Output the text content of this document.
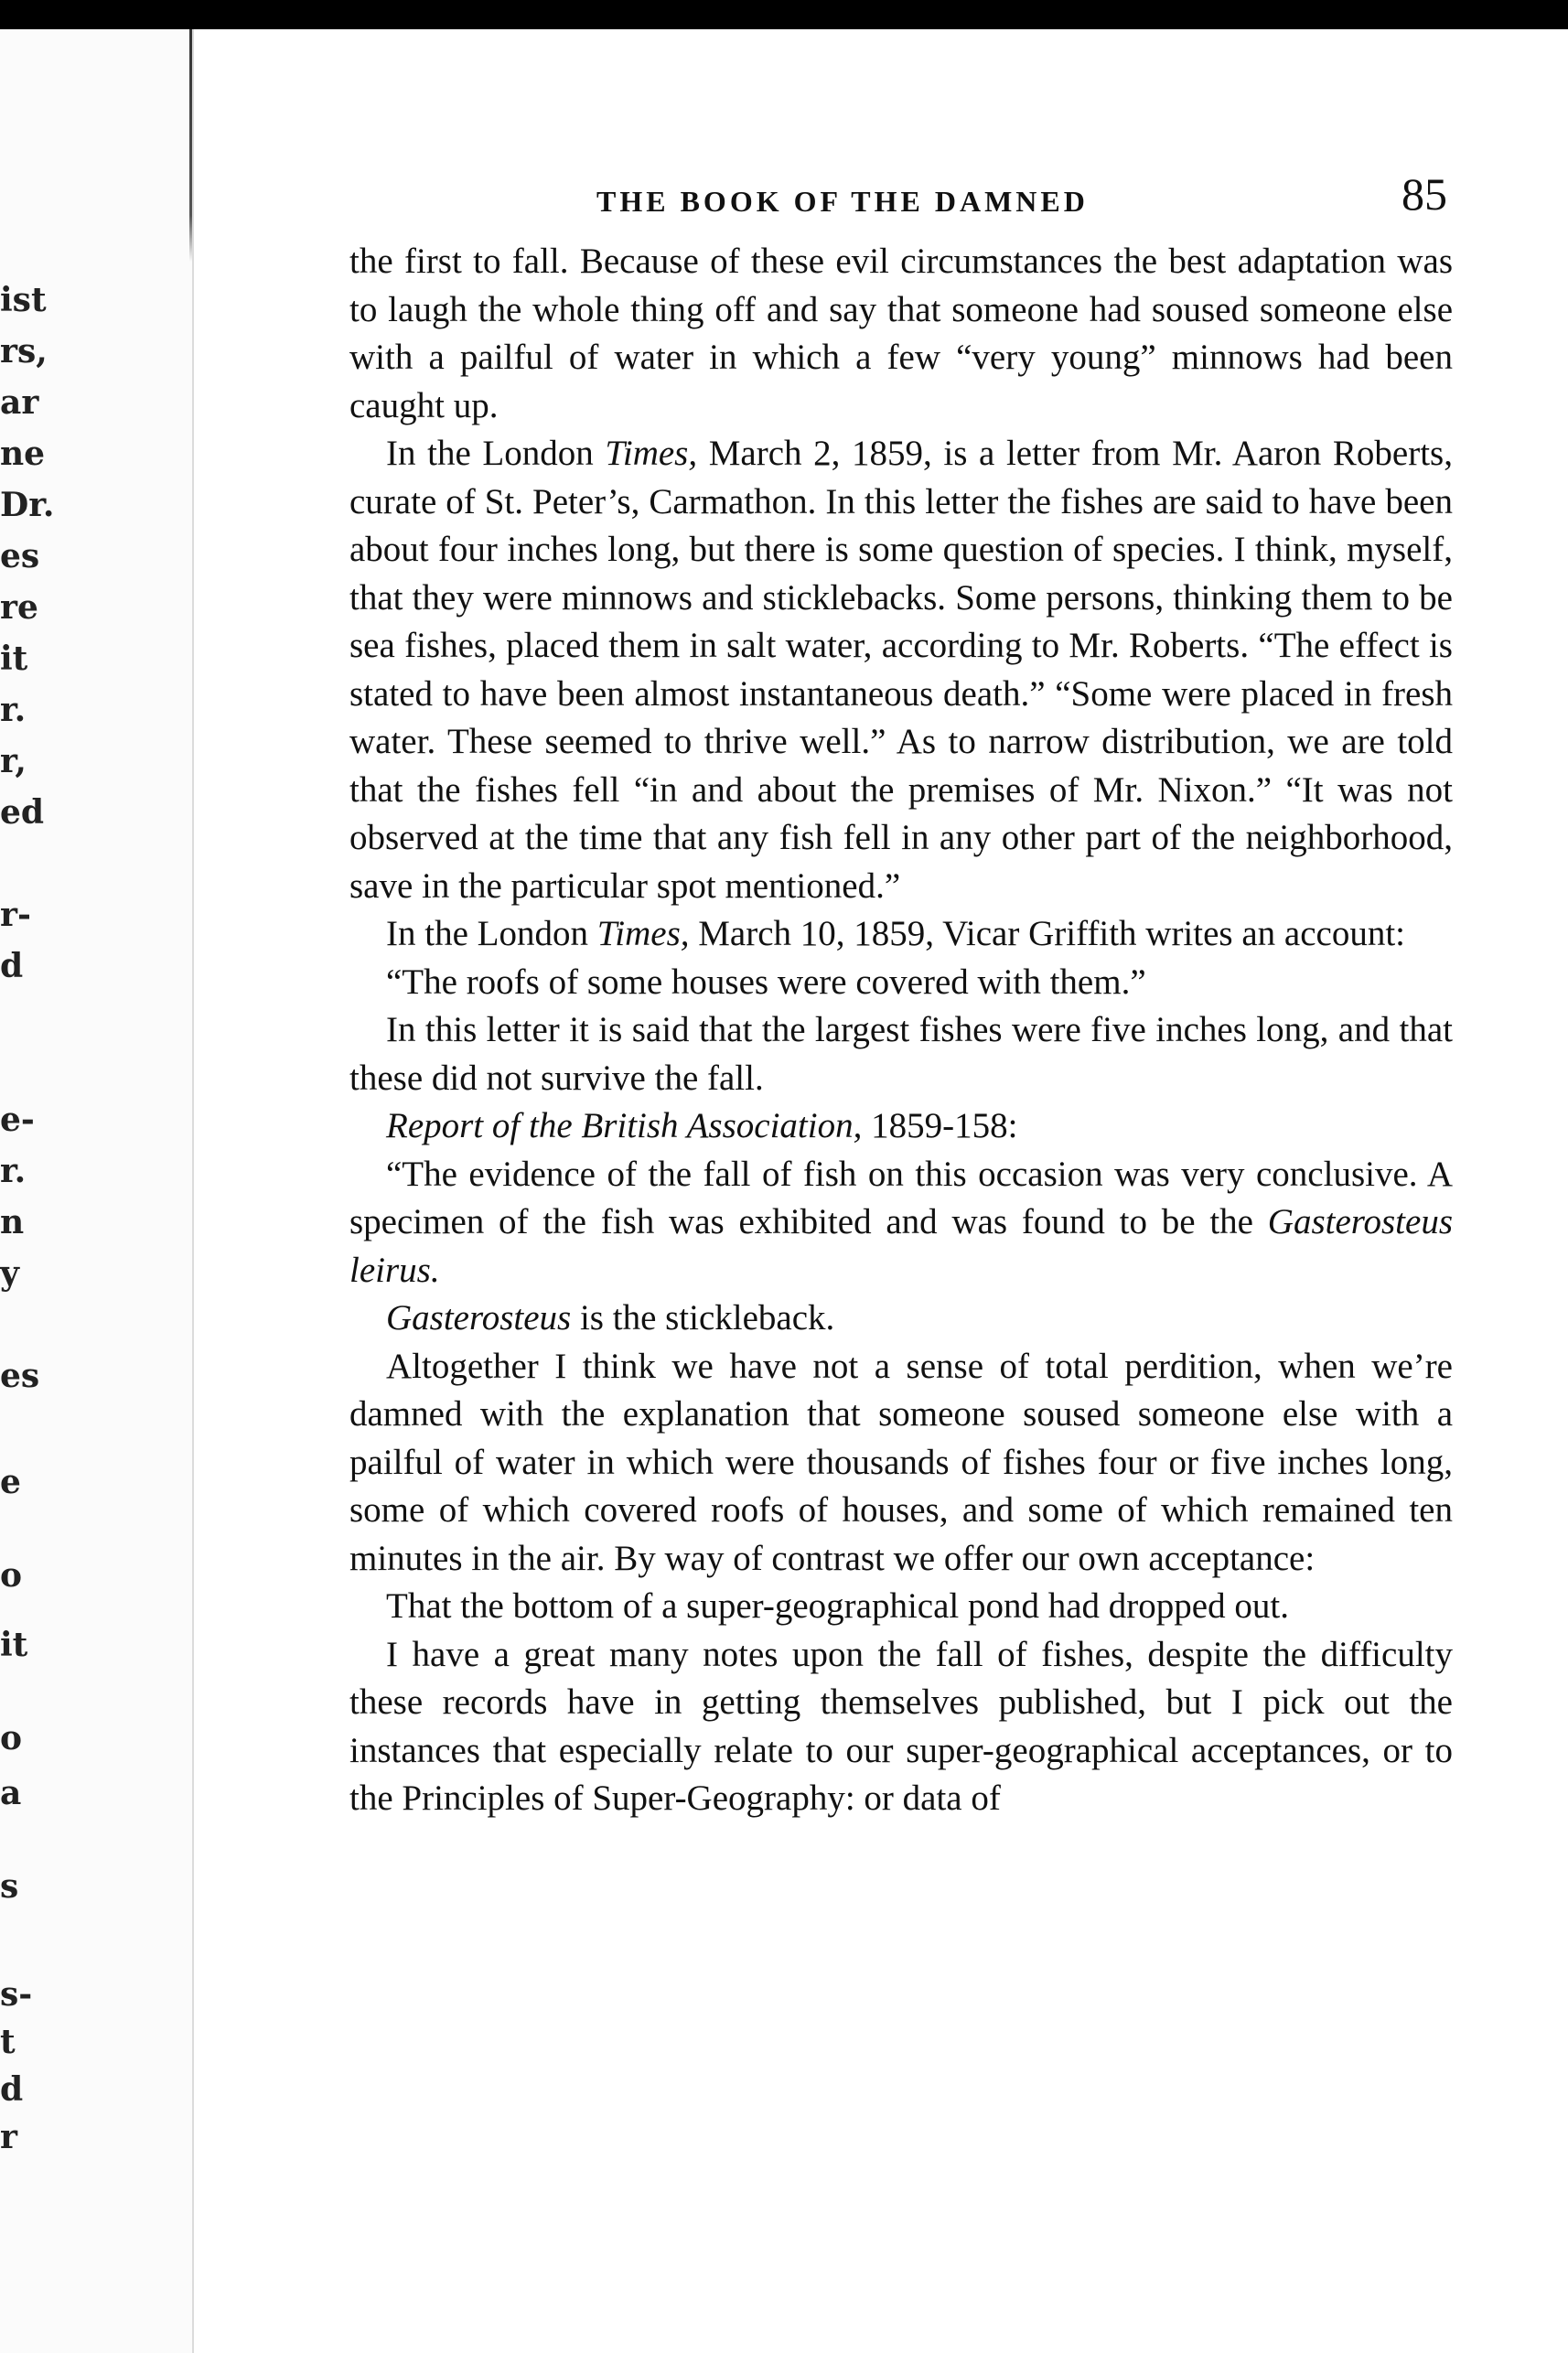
ist
rs,
ar
ne
Dr.
es
re
it
r.
r,
ed
r-
d
e-
r.
n
y
es
e
o
it
o
a
s
s-
t
d
r
THE BOOK OF THE DAMNED	85

the first to fall. Because of these evil circumstances the best adaptation was to laugh the whole thing off and say that someone had soused someone else with a pailful of water in which a few “very young” minnows had been caught up.

In the London Times, March 2, 1859, is a letter from Mr. Aaron Roberts, curate of St. Peter’s, Carmathon. In this letter the fishes are said to have been about four inches long, but there is some question of species. I think, myself, that they were minnows and sticklebacks. Some persons, thinking them to be sea fishes, placed them in salt water, according to Mr. Roberts. “The effect is stated to have been almost instantaneous death.” “Some were placed in fresh water. These seemed to thrive well.” As to narrow distribution, we are told that the fishes fell “in and about the premises of Mr. Nixon.” “It was not observed at the time that any fish fell in any other part of the neighborhood, save in the particular spot mentioned.”

In the London Times, March 10, 1859, Vicar Griffith writes an account:

“The roofs of some houses were covered with them.”

In this letter it is said that the largest fishes were five inches long, and that these did not survive the fall.

Report of the British Association, 1859-158:

“The evidence of the fall of fish on this occasion was very conclusive. A specimen of the fish was exhibited and was found to be the Gasterosteus leirus.

Gasterosteus is the stickleback.

Altogether I think we have not a sense of total perdition, when we’re damned with the explanation that someone soused someone else with a pailful of water in which were thousands of fishes four or five inches long, some of which covered roofs of houses, and some of which remained ten minutes in the air. By way of contrast we offer our own acceptance:

That the bottom of a super-geographical pond had dropped out.

I have a great many notes upon the fall of fishes, despite the difficulty these records have in getting themselves published, but I pick out the instances that especially relate to our super-geographical acceptances, or to the Principles of Super-Geography: or data of
